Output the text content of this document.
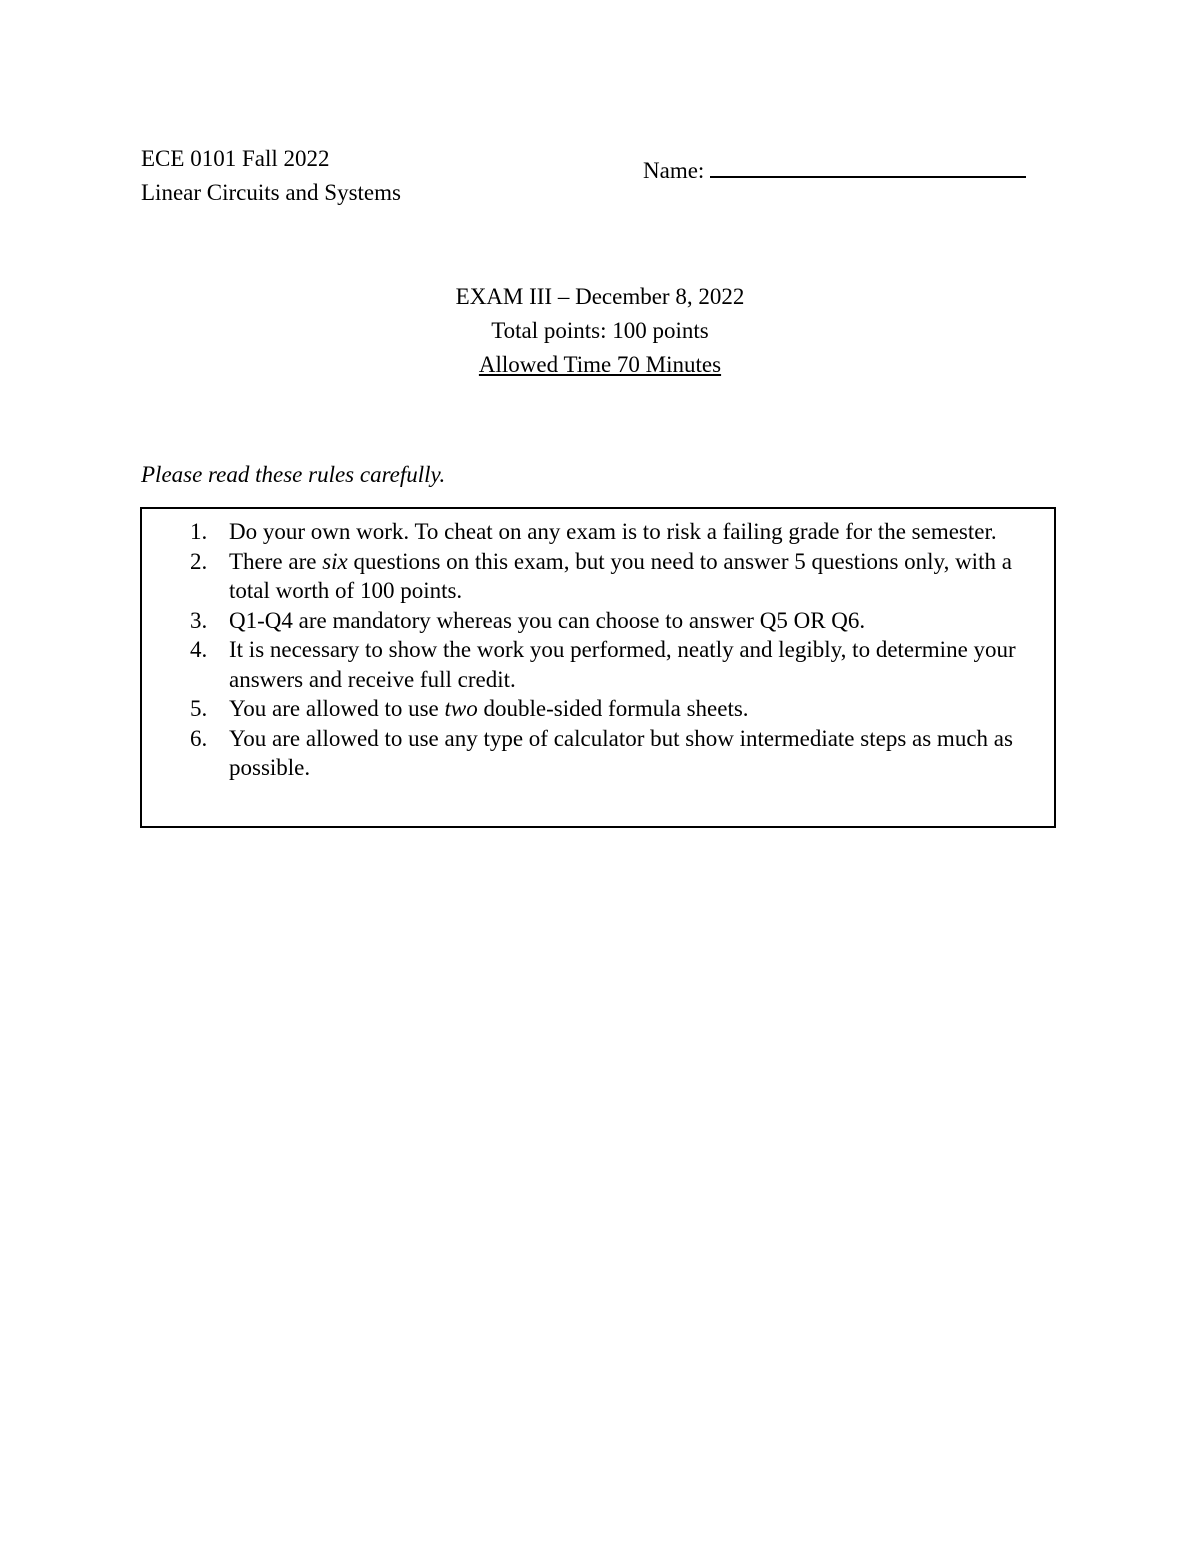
ECE 0101 Fall 2022
Linear Circuits and Systems
Name:
EXAM III – December 8, 2022
Total points: 100 points
Allowed Time 70 Minutes
Please read these rules carefully.
1. Do your own work. To cheat on any exam is to risk a failing grade for the semester.
2. There are six questions on this exam, but you need to answer 5 questions only, with a total worth of 100 points.
3. Q1-Q4 are mandatory whereas you can choose to answer Q5 OR Q6.
4. It is necessary to show the work you performed, neatly and legibly, to determine your answers and receive full credit.
5. You are allowed to use two double-sided formula sheets.
6. You are allowed to use any type of calculator but show intermediate steps as much as possible.
